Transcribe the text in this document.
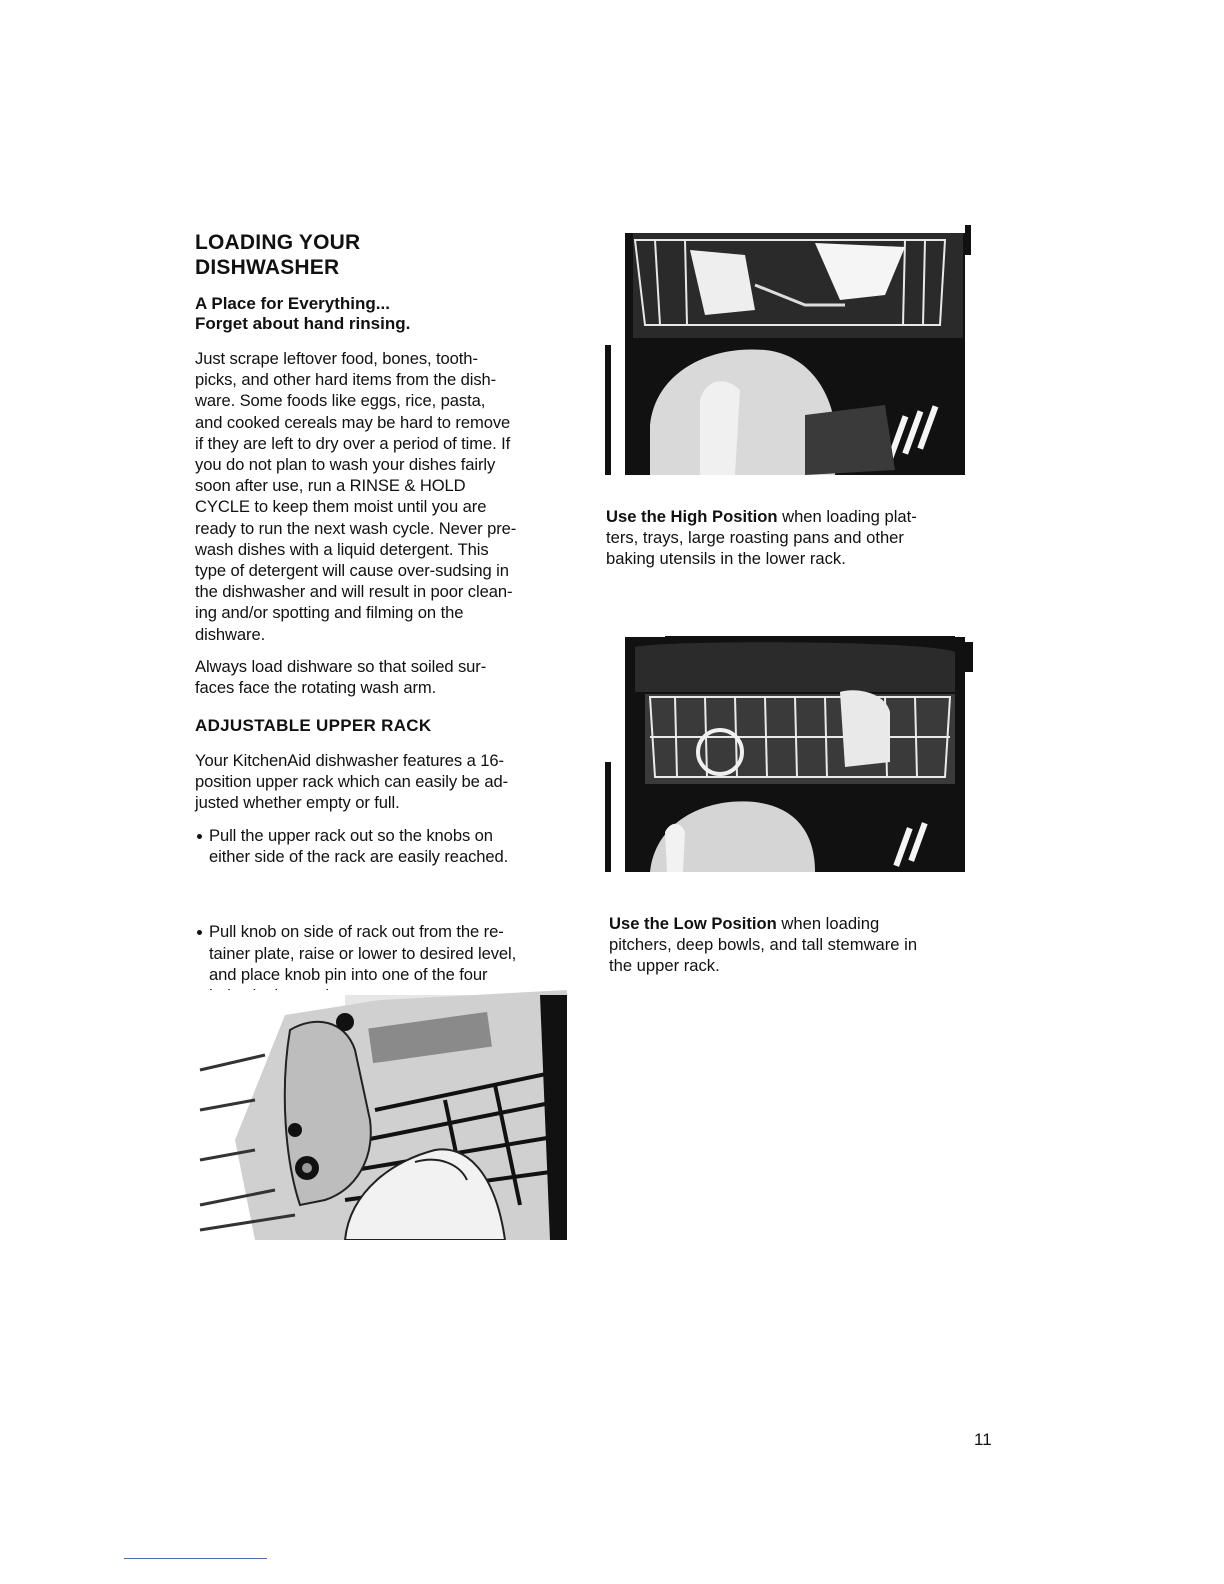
LOADING YOUR
DISHWASHER
A Place for Everything...
Forget about hand rinsing.

Just scrape leftover food, bones, tooth-

picks, and other hard items from the dish-

ware. Some foods like eggs, rice, pasta,

and cooked cereals may be hard to remove

if they are left to dry over a period of time. If

you do not plan to wash your dishes fairly

soon after use, run a RINSE & HOLD

CYCLE to keep them moist until you are

ready to run the next wash cycle. Never pre-

wash dishes with a liquid detergent. This

type of detergent will cause over-sudsing in

the dishwasher and will result in poor clean-

ing and/or spotting and filming on the

dishware.

Always load dishware so that soiled sur-

faces face the rotating wash arm.

ADJUSTABLE UPPER RACK

Your KitchenAid dishwasher features a 16-

position upper rack which can easily be ad-

justed whether empty or full.

Pull the upper rack out so the knobs on

either side of the rack are easily reached.

Pull knob on side of rack out from the re-

tainer plate, raise or lower to desired level,

and place knob pin into one of the four

Use the High Position when loading plat-
ters, trays, large roasting pans and other
baking utensils in the lower rack.
Use the Low Position when loading
pitchers, deep bowls, and tall stemware in
the upper rack.
11
